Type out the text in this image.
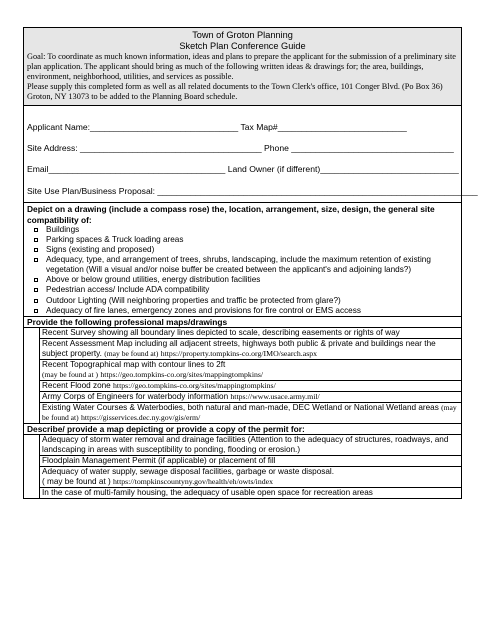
Town of Groton Planning
Sketch Plan Conference Guide
Goal: To coordinate as much known information, ideas and plans to prepare the applicant for the submission of a preliminary site plan application. The applicant should bring as much of the following written ideas & drawings for; the area, buildings, environment, neighborhood, utilities, and services as possible.
Please supply this completed form as well as all related documents to the Town Clerk's office, 101 Conger Blvd. (Po Box 36) Groton, NY 13073 to be added to the Planning Board schedule.
Applicant Name:_______________________________ Tax Map#___________________________
Site Address: ______________________________________ Phone __________________________________
Email_____________________________________ Land Owner (if different)_____________________________
Site Use Plan/Business Proposal: ___________________________________________________________________
Depict on a drawing (include a compass rose) the, location, arrangement, size, design, the general site compatibility of:
Buildings
Parking spaces & Truck loading areas
Signs (existing and proposed)
Adequacy, type, and arrangement of trees, shrubs, landscaping, include the maximum retention of existing vegetation (Will a visual and/or noise buffer be created between the applicant's and adjoining lands?)
Above or below ground utilities, energy distribution facilities
Pedestrian access/ Include ADA compatibility
Outdoor Lighting (Will neighboring properties and traffic be protected from glare?)
Adequacy of fire lanes, emergency zones and provisions for fire control or EMS access
Provide the following professional maps/drawings
Recent Survey showing all boundary lines depicted to scale, describing easements or rights of way
Recent Assessment Map including all adjacent streets, highways both public & private and buildings near the subject property. (may be found at) https://property.tompkins-co.org/IMO/search.aspx
Recent Topographical map with contour lines to 2ft
(may be found at ) https://geo.tompkins-co.org/sites/mappingtompkins/
Recent Flood zone https://geo.tompkins-co.org/sites/mappingtompkins/
Army Corps of Engineers for waterbody information https://www.usace.army.mil/
Existing Water Courses & Waterbodies, both natural and man-made, DEC Wetland or National Wetland areas (may be found at) https://gisservices.dec.ny.gov/gis/erm/
Describe/ provide a map depicting or provide a copy of the permit for:
Adequacy of storm water removal and drainage facilities (Attention to the adequacy of structures, roadways, and landscaping in areas with susceptibility to ponding, flooding or erosion.)
Floodplain Management Permit (if applicable) or placement of fill
Adequacy of water supply, sewage disposal facilities, garbage or waste disposal.
( may be found at ) https://tompkinscountyny.gov/health/eh/owts/index
In the case of multi-family housing, the adequacy of usable open space for recreation areas
